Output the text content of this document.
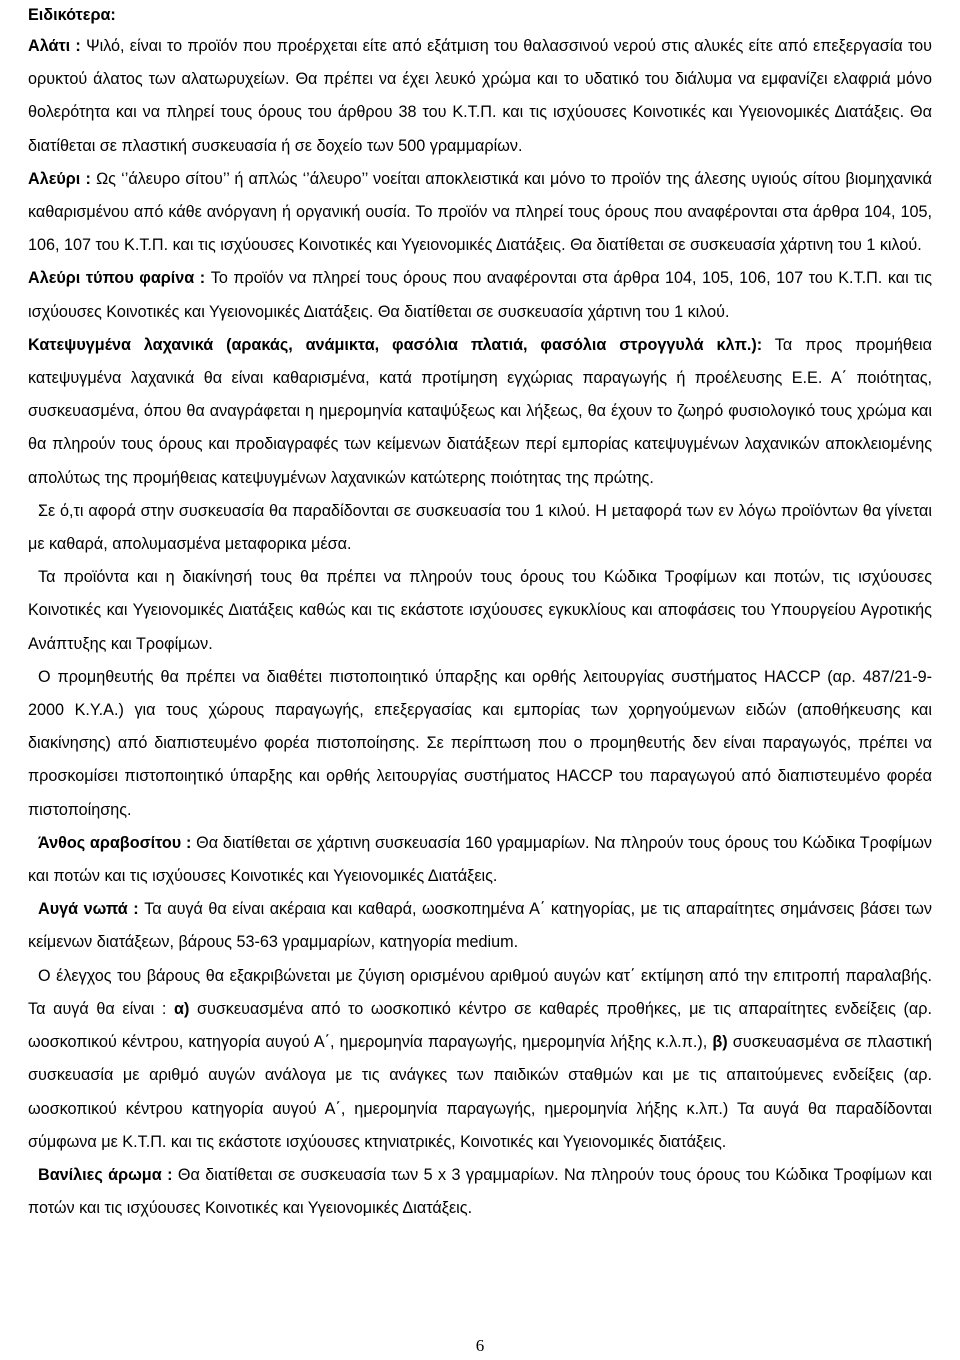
Ειδικότερα:

Αλάτι : Ψιλό, είναι το προϊόν που προέρχεται είτε από εξάτμιση του θαλασσινού νερού στις αλυκές είτε από επεξεργασία του ορυκτού άλατος των αλατωρυχείων. Θα πρέπει να έχει λευκό χρώμα και το υδατικό του διάλυμα να εμφανίζει ελαφριά μόνο θολερότητα και να πληρεί τους όρους του άρθρου 38 του Κ.Τ.Π. και τις ισχύουσες Κοινοτικές και Υγειονομικές Διατάξεις. Θα διατίθεται σε πλαστική συσκευασία ή σε δοχείο των 500 γραμμαρίων.

Αλεύρι : Ως ‘’άλευρο σίτου’’ ή απλώς ‘’άλευρο’’ νοείται αποκλειστικά και μόνο το προϊόν της άλεσης υγιούς σίτου βιομηχανικά καθαρισμένου από κάθε ανόργανη ή οργανική ουσία. Το προϊόν να πληρεί τους όρους που αναφέρονται στα άρθρα 104, 105, 106, 107 του Κ.Τ.Π. και τις ισχύουσες Κοινοτικές και Υγειονομικές Διατάξεις. Θα διατίθεται σε συσκευασία χάρτινη του 1 κιλού.

Αλεύρι τύπου φαρίνα : Το προϊόν να πληρεί τους όρους που αναφέρονται στα άρθρα 104, 105, 106, 107 του Κ.Τ.Π. και τις ισχύουσες Κοινοτικές και Υγειονομικές Διατάξεις. Θα διατίθεται σε συσκευασία χάρτινη του 1 κιλού.

Κατεψυγμένα λαχανικά (αρακάς, ανάμικτα, φασόλια πλατιά, φασόλια στρογγυλά κλπ.): Τα προς προμήθεια κατεψυγμένα λαχανικά θα είναι καθαρισμένα, κατά προτίμηση εγχώριας παραγωγής ή προέλευσης Ε.Ε. Α΄ ποιότητας, συσκευασμένα, όπου θα αναγράφεται η ημερομηνία καταψύξεως και λήξεως, θα έχουν το ζωηρό φυσιολογικό τους χρώμα και θα πληρούν τους όρους και προδιαγραφές των κείμενων διατάξεων περί εμπορίας κατεψυγμένων λαχανικών αποκλειομένης απολύτως της προμήθειας κατεψυγμένων λαχανικών κατώτερης ποιότητας της πρώτης.

Σε ό,τι αφορά στην συσκευασία θα παραδίδονται σε συσκευασία του 1 κιλού. Η μεταφορά των εν λόγω προϊόντων θα γίνεται με καθαρά, απολυμασμένα μεταφορικα μέσα.

Τα προϊόντα και η διακίνησή τους θα πρέπει να πληρούν τους όρους του Κώδικα Τροφίμων και ποτών, τις ισχύουσες Κοινοτικές και Υγειονομικές Διατάξεις καθώς και τις εκάστοτε ισχύουσες εγκυκλίους και αποφάσεις του Υπουργείου Αγροτικής Ανάπτυξης και Τροφίμων.

Ο προμηθευτής θα πρέπει να διαθέτει πιστοποιητικό ύπαρξης και ορθής λειτουργίας συστήματος HACCP (αρ. 487/21-9-2000 Κ.Υ.Α.) για τους χώρους παραγωγής, επεξεργασίας και εμπορίας των χορηγούμενων ειδών (αποθήκευσης και διακίνησης) από διαπιστευμένο φορέα πιστοποίησης. Σε περίπτωση που ο προμηθευτής δεν είναι παραγωγός, πρέπει να προσκομίσει πιστοποιητικό ύπαρξης και ορθής λειτουργίας συστήματος HACCP του παραγωγού από διαπιστευμένο φορέα πιστοποίησης.

Άνθος αραβοσίτου : Θα διατίθεται σε χάρτινη συσκευασία 160 γραμμαρίων. Να πληρούν τους όρους του Κώδικα Τροφίμων και ποτών και τις ισχύουσες Κοινοτικές και Υγειονομικές Διατάξεις.

Αυγά νωπά : Τα αυγά θα είναι ακέραια και καθαρά, ωοσκοπημένα Α΄ κατηγορίας, με τις απαραίτητες σημάνσεις βάσει των κείμενων διατάξεων, βάρους 53-63 γραμμαρίων, κατηγορία medium.

Ο έλεγχος του βάρους θα εξακριβώνεται με ζύγιση ορισμένου αριθμού αυγών κατ΄ εκτίμηση από την επιτροπή παραλαβής. Τα αυγά θα είναι : α) συσκευασμένα από το ωοσκοπικό κέντρο σε καθαρές προθήκες, με τις απαραίτητες ενδείξεις (αρ. ωοσκοπικού κέντρου, κατηγορία αυγού Α΄, ημερομηνία παραγωγής, ημερομηνία λήξης κ.λ.π.), β) συσκευασμένα σε πλαστική συσκευασία με αριθμό αυγών ανάλογα με τις ανάγκες των παιδικών σταθμών και με τις απαιτούμενες ενδείξεις (αρ. ωοσκοπικού κέντρου κατηγορία αυγού Α΄, ημερομηνία παραγωγής, ημερομηνία λήξης κ.λπ.) Τα αυγά θα παραδίδονται σύμφωνα με Κ.Τ.Π. και τις εκάστοτε ισχύουσες κτηνιατρικές, Κοινοτικές και Υγειονομικές διατάξεις.

Βανίλιες άρωμα : Θα διατίθεται σε συσκευασία των 5 x 3 γραμμαρίων. Να πληρούν τους όρους του Κώδικα Τροφίμων και ποτών και τις ισχύουσες Κοινοτικές και Υγειονομικές Διατάξεις.

6
